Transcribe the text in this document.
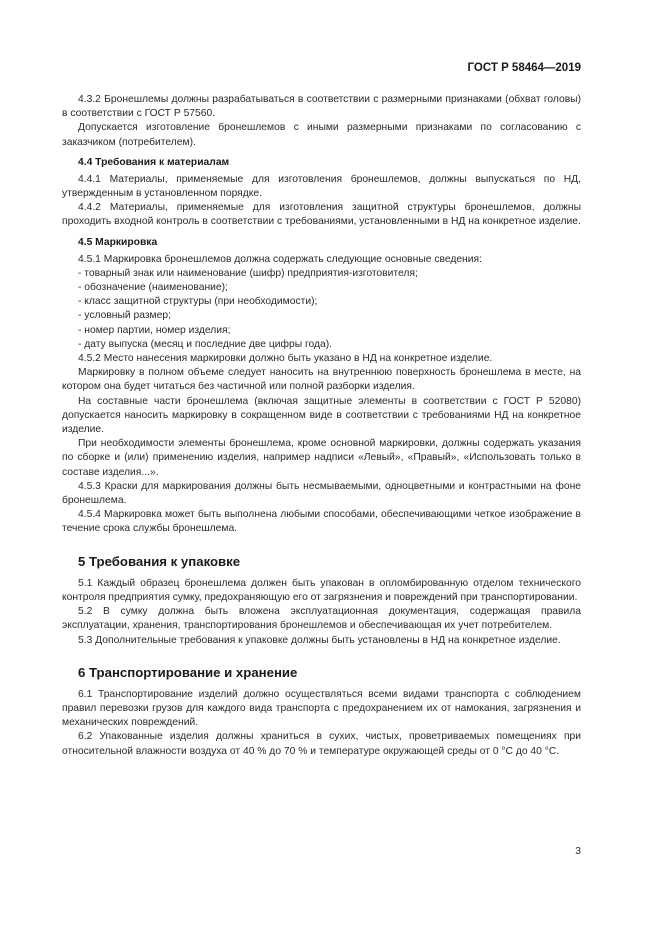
ГОСТ Р 58464—2019

4.3.2 Бронешлемы должны разрабатываться в соответствии с размерными признаками (обхват головы) в соответствии с ГОСТ Р 57560.

Допускается изготовление бронешлемов с иными размерными признаками по согласованию с заказчиком (потребителем).

4.4 Требования к материалам

4.4.1 Материалы, применяемые для изготовления бронешлемов, должны выпускаться по НД, утвержденным в установленном порядке.

4.4.2 Материалы, применяемые для изготовления защитной структуры бронешлемов, должны проходить входной контроль в соответствии с требованиями, установленными в НД на конкретное изделие.

4.5 Маркировка

4.5.1 Маркировка бронешлемов должна содержать следующие основные сведения:

- товарный знак или наименование (шифр) предприятия-изготовителя;
- обозначение (наименование);
- класс защитной структуры (при необходимости);
- условный размер;
- номер партии, номер изделия;
- дату выпуска (месяц и последние две цифры года).

4.5.2 Место нанесения маркировки должно быть указано в НД на конкретное изделие.

Маркировку в полном объеме следует наносить на внутреннюю поверхность бронешлема в месте, на котором она будет читаться без частичной или полной разборки изделия.

На составные части бронешлема (включая защитные элементы в соответствии с ГОСТ Р 52080) допускается наносить маркировку в сокращенном виде в соответствии с требованиями НД на конкретное изделие.

При необходимости элементы бронешлема, кроме основной маркировки, должны содержать указания по сборке и (или) применению изделия, например надписи «Левый», «Правый», «Использовать только в составе изделия...».

4.5.3 Краски для маркирования должны быть несмываемыми, одноцветными и контрастными на фоне бронешлема.

4.5.4 Маркировка может быть выполнена любыми способами, обеспечивающими четкое изображение в течение срока службы бронешлема.

5 Требования к упаковке

5.1 Каждый образец бронешлема должен быть упакован в опломбированную отделом технического контроля предприятия сумку, предохраняющую его от загрязнения и повреждений при транспортировании.

5.2 В сумку должна быть вложена эксплуатационная документация, содержащая правила эксплуатации, хранения, транспортирования бронешлемов и обеспечивающая их учет потребителем.

5.3 Дополнительные требования к упаковке должны быть установлены в НД на конкретное изделие.

6 Транспортирование и хранение

6.1 Транспортирование изделий должно осуществляться всеми видами транспорта с соблюдением правил перевозки грузов для каждого вида транспорта с предохранением их от намокания, загрязнения и механических повреждений.

6.2 Упакованные изделия должны храниться в сухих, чистых, проветриваемых помещениях при относительной влажности воздуха от 40 % до 70 % и температуре окружающей среды от 0 °C до 40 °C.

3
